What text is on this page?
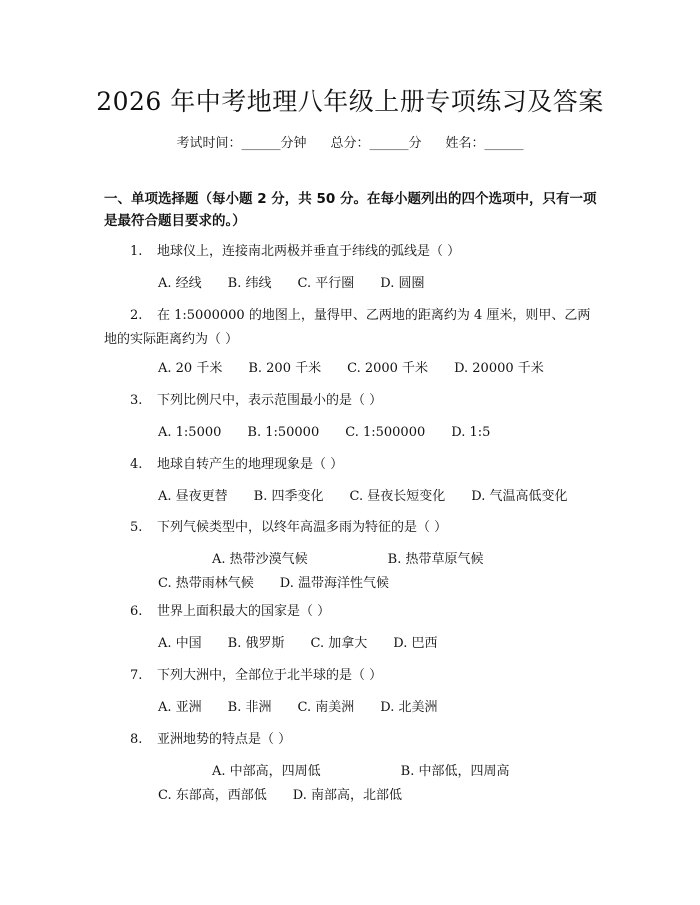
2026 年中考地理八年级上册专项练习及答案
考试时间：______分钟 总分：______分 姓名：______
一、单项选择题（每小题 2 分，共 50 分。在每小题列出的四个选项中，只有一项是最符合题目要求的。）
1. 地球仪上，连接南北两极并垂直于纬线的弧线是（ ）
A. 经线 B. 纬线 C. 平行圈 D. 圆圈
2. 在 1:5000000 的地图上，量得甲、乙两地的距离约为 4 厘米，则甲、乙两地的实际距离约为（ ）
A. 20 千米 B. 200 千米 C. 2000 千米 D. 20000 千米
3. 下列比例尺中，表示范围最小的是（ ）
A. 1:5000 B. 1:50000 C. 1:500000 D. 1:5
4. 地球自转产生的地理现象是（ ）
A. 昼夜更替 B. 四季变化 C. 昼夜长短变化 D. 气温高低变化
5. 下列气候类型中，以终年高温多雨为特征的是（ ）
A. 热带沙漠气候	B. 热带草原气候C. 热带雨林气候 D. 温带海洋性气候
6. 世界上面积最大的国家是（ ）
A. 中国 B. 俄罗斯 C. 加拿大 D. 巴西
7. 下列大洲中，全部位于北半球的是（ ）
A. 亚洲 B. 非洲 C. 南美洲 D. 北美洲
8. 亚洲地势的特点是（ ）
A. 中部高，四周低	B. 中部低，四周高C. 东部高，西部低 D. 南部高，北部低
